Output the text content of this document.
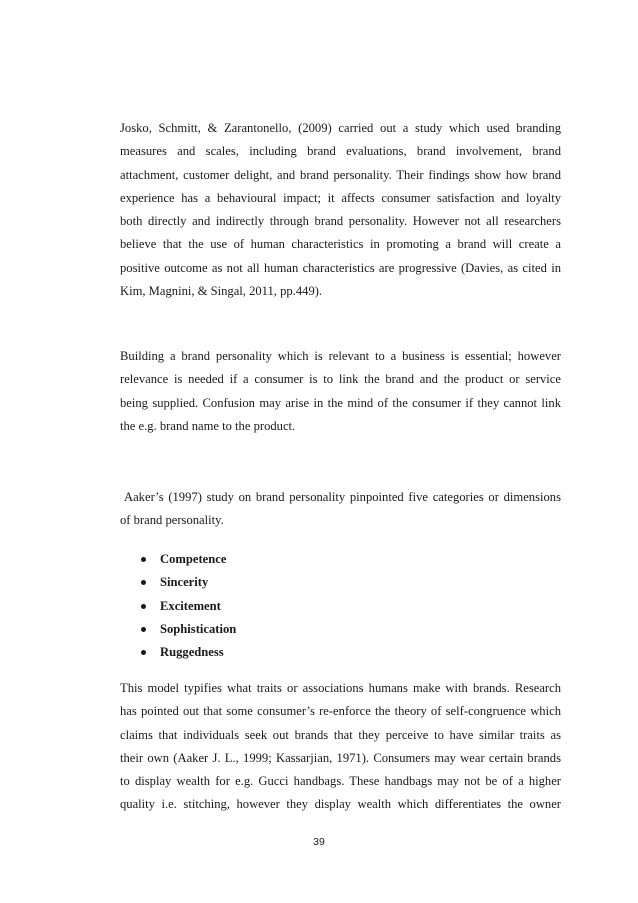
Josko, Schmitt, & Zarantonello, (2009) carried out a study which used branding
measures and scales, including brand evaluations, brand involvement, brand
attachment, customer delight, and brand personality. Their findings show how brand
experience has a behavioural impact; it affects consumer satisfaction and loyalty
both directly and indirectly through brand personality. However not all researchers
believe that the use of human characteristics in promoting a brand will create a
positive outcome as not all human characteristics are progressive (Davies, as cited in
Kim, Magnini, & Singal, 2011, pp.449).
Building a brand personality which is relevant to a business is essential; however
relevance is needed if a consumer is to link the brand and the product or service
being supplied. Confusion may arise in the mind of the consumer if they cannot link
the e.g. brand name to the product.
Aaker’s (1997) study on brand personality pinpointed five categories or dimensions
of brand personality.
Competence
Sincerity
Excitement
Sophistication
Ruggedness
This model typifies what traits or associations humans make with brands. Research
has pointed out that some consumer’s re-enforce the theory of self-congruence which
claims that individuals seek out brands that they perceive to have similar traits as
their own (Aaker J. L., 1999; Kassarjian, 1971). Consumers may wear certain brands
to display wealth for e.g. Gucci handbags. These handbags may not be of a higher
quality i.e. stitching, however they display wealth which differentiates the owner
39
